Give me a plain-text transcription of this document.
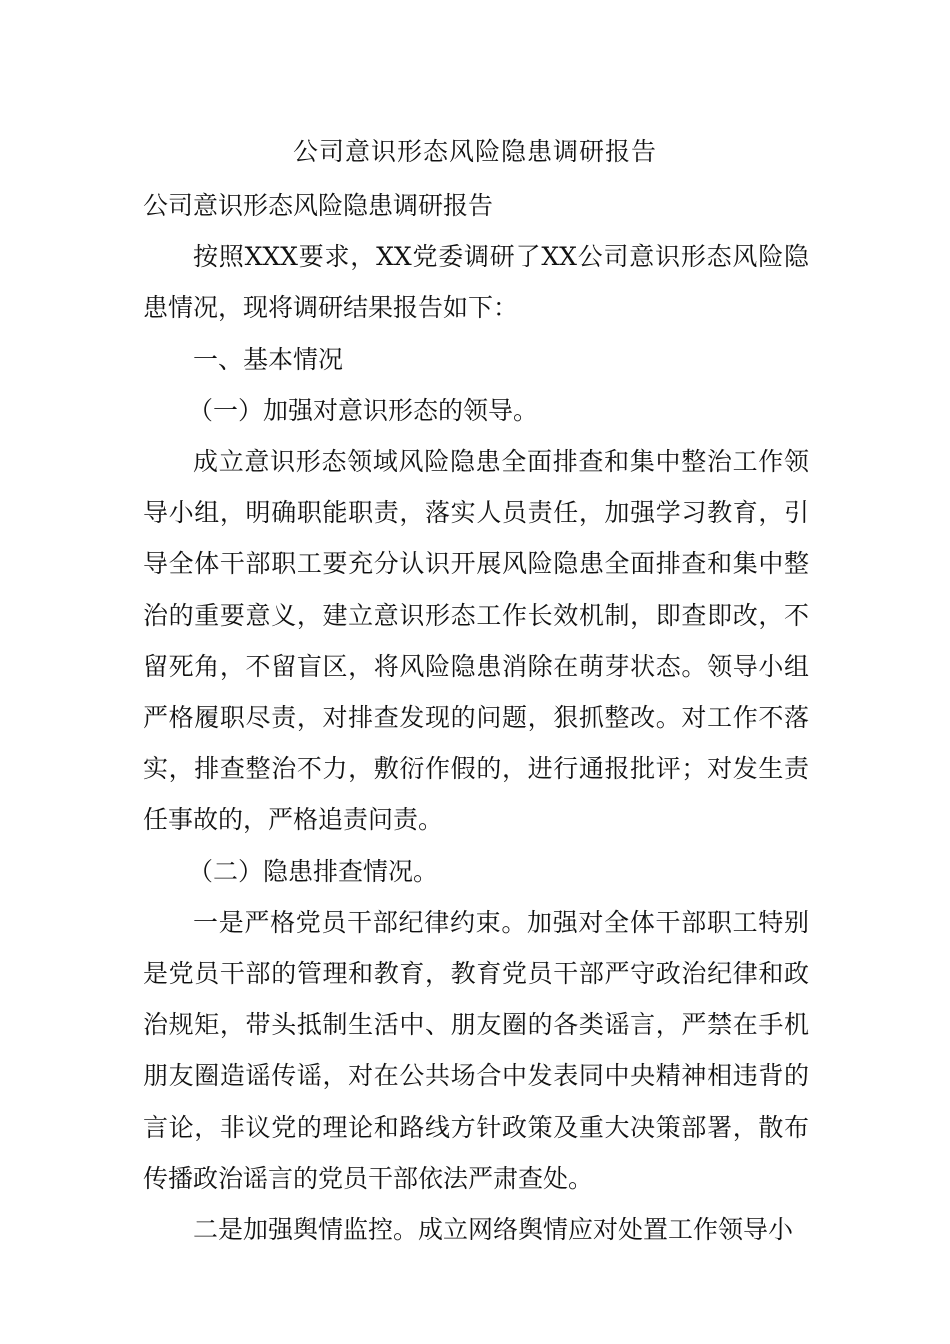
公司意识形态风险隐患调研报告

公司意识形态风险隐患调研报告

按照XXX要求，XX党委调研了XX公司意识形态风险隐患情况，现将调研结果报告如下：

一、基本情况

（一）加强对意识形态的领导。

成立意识形态领域风险隐患全面排查和集中整治工作领导小组，明确职能职责，落实人员责任，加强学习教育，引导全体干部职工要充分认识开展风险隐患全面排查和集中整治的重要意义，建立意识形态工作长效机制，即查即改，不留死角，不留盲区，将风险隐患消除在萌芽状态。领导小组严格履职尽责，对排查发现的问题，狠抓整改。对工作不落实，排查整治不力，敷衍作假的，进行通报批评；对发生责任事故的，严格追责问责。

（二）隐患排查情况。

一是严格党员干部纪律约束。加强对全体干部职工特别是党员干部的管理和教育，教育党员干部严守政治纪律和政治规矩，带头抵制生活中、朋友圈的各类谣言，严禁在手机朋友圈造谣传谣，对在公共场合中发表同中央精神相违背的言论，非议党的理论和路线方针政策及重大决策部署，散布传播政治谣言的党员干部依法严肃查处。

二是加强舆情监控。成立网络舆情应对处置工作领导小
